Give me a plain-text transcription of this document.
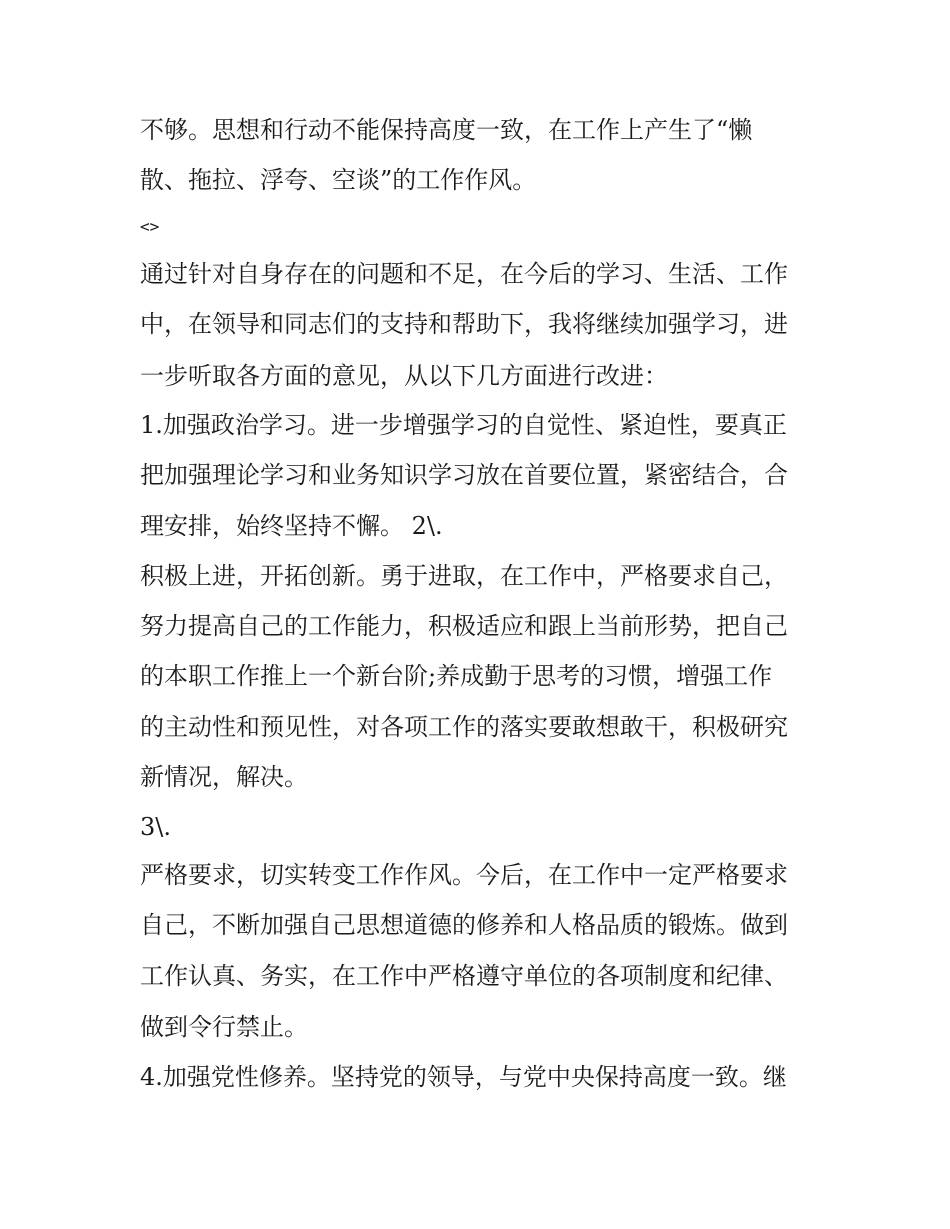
不够。思想和行动不能保持高度一致，在工作上产生了“懒

散、拖拉、浮夸、空谈”的工作作风。

<>

通过针对自身存在的问题和不足，在今后的学习、生活、工作

中，在领导和同志们的支持和帮助下，我将继续加强学习，进

一步听取各方面的意见，从以下几方面进行改进：

1.加强政治学习。进一步增强学习的自觉性、紧迫性，要真正

把加强理论学习和业务知识学习放在首要位置，紧密结合，合

理安排，始终坚持不懈。 2\.

积极上进，开拓创新。勇于进取，在工作中，严格要求自己，

努力提高自己的工作能力，积极适应和跟上当前形势，把自己

的本职工作推上一个新台阶;养成勤于思考的习惯，增强工作

的主动性和预见性，对各项工作的落实要敢想敢干，积极研究

新情况，解决。

3\.

严格要求，切实转变工作作风。今后，在工作中一定严格要求

自己，不断加强自己思想道德的修养和人格品质的锻炼。做到

工作认真、务实，在工作中严格遵守单位的各项制度和纪律、

做到令行禁止。

4.加强党性修养。坚持党的领导，与党中央保持高度一致。继
